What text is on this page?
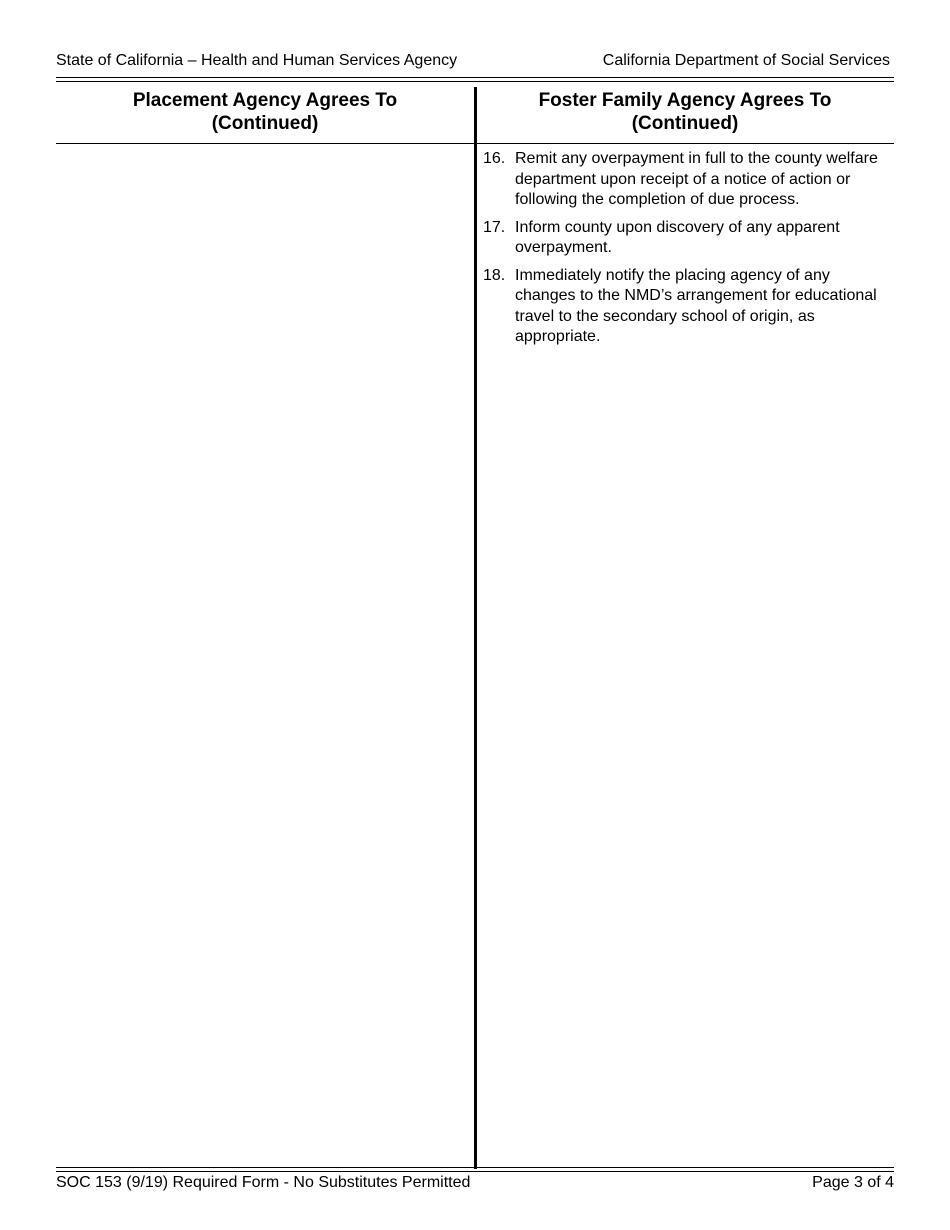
State of California – Health and Human Services Agency	California Department of Social Services
Placement Agency Agrees To
(Continued)
Foster Family Agency Agrees To
(Continued)
16. Remit any overpayment in full to the county welfare department upon receipt of a notice of action or following the completion of due process.
17. Inform county upon discovery of any apparent overpayment.
18. Immediately notify the placing agency of any changes to the NMD’s arrangement for educational travel to the secondary school of origin, as appropriate.
SOC 153 (9/19) Required Form - No Substitutes Permitted	Page 3 of 4
